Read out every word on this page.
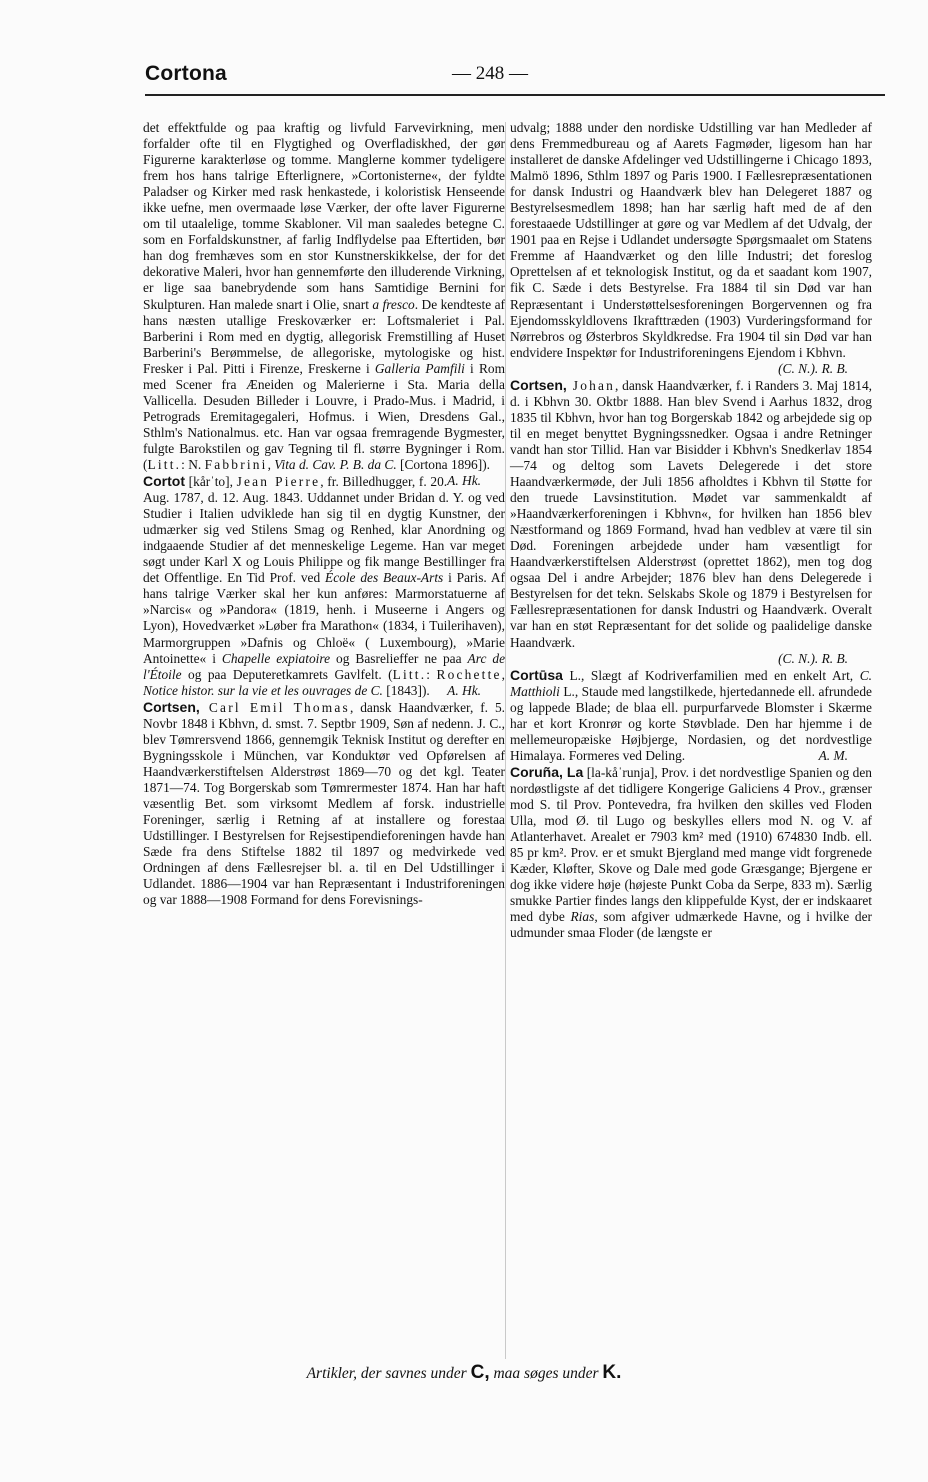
Cortona	— 248 —

det effektfulde og paa kraftig og livfuld Farvevirkning, men forfalder ofte til en Flygtighed og Overfladiskhed, der gør Figurerne karakterløse og tomme. Manglerne kommer tydeligere frem hos hans talrige Efterlignere, »Cortonisterne«, der fyldte Paladser og Kirker med rask henkastede, i koloristisk Henseende ikke uefne, men overmaade løse Værker, der ofte laver Figurerne om til utaalelige, tomme Skabloner. Vil man saaledes betegne C. som en Forfaldskunstner, af farlig Indflydelse paa Eftertiden, bør han dog fremhæves som en stor Kunstnerskikkelse, der for det dekorative Maleri, hvor han gennemførte den illuderende Virkning, er lige saa banebrydende som hans Samtidige Bernini for Skulpturen. Han malede snart i Olie, snart a fresco. De kendteste af hans næsten utallige Freskoværker er: Loftsmaleriet i Pal. Barberini i Rom med en dygtig, allegorisk Fremstilling af Huset Barberini's Berømmelse, de allegoriske, mytologiske og hist. Fresker i Pal. Pitti i Firenze, Freskerne i Galleria Pamfili i Rom med Scener fra Æneiden og Malerierne i Sta. Maria della Vallicella. Desuden Billeder i Louvre, i Prado-Mus. i Madrid, i Petrograds Eremitagegaleri, Hofmus. i Wien, Dresdens Gal., Sthlm's Nationalmus. etc. Han var ogsaa fremragende Bygmester, fulgte Barokstilen og gav Tegning til fl. større Bygninger i Rom. (Litt.: N. Fabbrini, Vita d. Cav. P. B. da C. [Cortona 1896]).
A. Hk.

Cortot [kårˈto], Jean Pierre, fr. Billedhugger, f. 20. Aug. 1787, d. 12. Aug. 1843. Uddannet under Bridan d. Y. og ved Studier i Italien udviklede han sig til en dygtig Kunstner, der udmærker sig ved Stilens Smag og Renhed, klar Anordning og indgaaende Studier af det menneskelige Legeme. Han var meget søgt under Karl X og Louis Philippe og fik mange Bestillinger fra det Offentlige. En Tid Prof. ved École des Beaux-Arts i Paris. Af hans talrige Værker skal her kun anføres: Marmorstatuerne af »Narcis« og »Pandora« (1819, henh. i Museerne i Angers og Lyon), Hovedværket »Løber fra Marathon« (1834, i Tuilerihaven), Marmorgruppen »Dafnis og Chloë« ( Luxembourg), »Marie Antoinette« i Chapelle expiatoire og Basrelieffer ne paa Arc de l'Étoile og paa Deputeretkamrets Gavlfelt. (Litt.: Rochette, Notice histor. sur la vie et les ouvrages de C. [1843]). A. Hk.

Cortsen, Carl Emil Thomas, dansk Haandværker, f. 5. Novbr 1848 i Kbhvn, d. smst. 7. Septbr 1909, Søn af nedenn. J. C., blev Tømrersvend 1866, gennemgik Teknisk Institut og derefter en Bygningsskole i München, var Konduktør ved Opførelsen af Haandværkerstiftelsen Alderstrøst 1869—70 og det kgl. Teater 1871—74. Tog Borgerskab som Tømrermester 1874. Han har haft væsentlig Bet. som virksomt Medlem af forsk. industrielle Foreninger, særlig i Retning af at installere og forestaa Udstillinger. I Bestyrelsen for Rejsestipendieforeningen havde han Sæde fra dens Stiftelse 1882 til 1897 og medvirkede ved Ordningen af dens Fællesrejser bl. a. til en Del Udstillinger i Udlandet. 1886—1904 var han Repræsentant i Industriforeningen og var 1888—1908 Formand for dens Forevisnings-

udvalg; 1888 under den nordiske Udstilling var han Medleder af dens Fremmedbureau og af Aarets Fagmøder, ligesom han har installeret de danske Afdelinger ved Udstillingerne i Chicago 1893, Malmö 1896, Sthlm 1897 og Paris 1900. I Fællesrepræsentationen for dansk Industri og Haandværk blev han Delegeret 1887 og Bestyrelsesmedlem 1898; han har særlig haft med de af den forestaaede Udstillinger at gøre og var Medlem af det Udvalg, der 1901 paa en Rejse i Udlandet undersøgte Spørgsmaalet om Statens Fremme af Haandværket og den lille Industri; det foreslog Oprettelsen af et teknologisk Institut, og da et saadant kom 1907, fik C. Sæde i dets Bestyrelse. Fra 1884 til sin Død var han Repræsentant i Understøttelsesforeningen Borgervennen og fra Ejendomsskyldlovens Ikrafttræden (1903) Vurderingsformand for Nørrebros og Østerbros Skyldkredse. Fra 1904 til sin Død var han endvidere Inspektør for Industriforeningens Ejendom i Kbhvn.

(C. N.). R. B.

Cortsen, Johan, dansk Haandværker, f. i Randers 3. Maj 1814, d. i Kbhvn 30. Oktbr 1888. Han blev Svend i Aarhus 1832, drog 1835 til Kbhvn, hvor han tog Borgerskab 1842 og arbejdede sig op til en meget benyttet Bygningssnedker. Ogsaa i andre Retninger vandt han stor Tillid. Han var Bisidder i Kbhvn's Snedkerlav 1854—74 og deltog som Lavets Delegerede i det store Haandværkermøde, der Juli 1856 afholdtes i Kbhvn til Støtte for den truede Lavsinstitution. Mødet var sammenkaldt af »Haandværkerforeningen i Kbhvn«, for hvilken han 1856 blev Næstformand og 1869 Formand, hvad han vedblev at være til sin Død. Foreningen arbejdede under ham væsentligt for Haandværkerstiftelsen Alderstrøst (oprettet 1862), men tog dog ogsaa Del i andre Arbejder; 1876 blev han dens Delegerede i Bestyrelsen for det tekn. Selskabs Skole og 1879 i Bestyrelsen for Fællesrepræsentationen for dansk Industri og Haandværk. Overalt var han en støt Repræsentant for det solide og paalidelige danske Haandværk.

(C. N.). R. B.

Cortūsa L., Slægt af Kodriverfamilien med en enkelt Art, C. Matthioli L., Staude med langstilkede, hjertedannede ell. afrundede og lappede Blade; de blaa ell. purpurfarvede Blomster i Skærme har et kort Kronrør og korte Støvblade. Den har hjemme i de mellemeuropæiske Højbjerge, Nordasien, og det nordvestlige Himalaya. Formeres ved Deling.	A. M.

Coruña, La [la-kåˈrunja], Prov. i det nordvestlige Spanien og den nordøstligste af det tidligere Kongerige Galiciens 4 Prov., grænser mod S. til Prov. Pontevedra, fra hvilken den skilles ved Floden Ulla, mod Ø. til Lugo og beskylles ellers mod N. og V. af Atlanterhavet. Arealet er 7903 km² med (1910) 674830 Indb. ell. 85 pr km². Prov. er et smukt Bjergland med mange vidt forgrenede Kæder, Kløfter, Skove og Dale med gode Græsgange; Bjergene er dog ikke videre høje (højeste Punkt Coba da Serpe, 833 m). Særlig smukke Partier findes langs den klippefulde Kyst, der er indskaaret med dybe Rias, som afgiver udmærkede Havne, og i hvilke der udmunder smaa Floder (de længste er

Artikler, der savnes under C, maa søges under K.
